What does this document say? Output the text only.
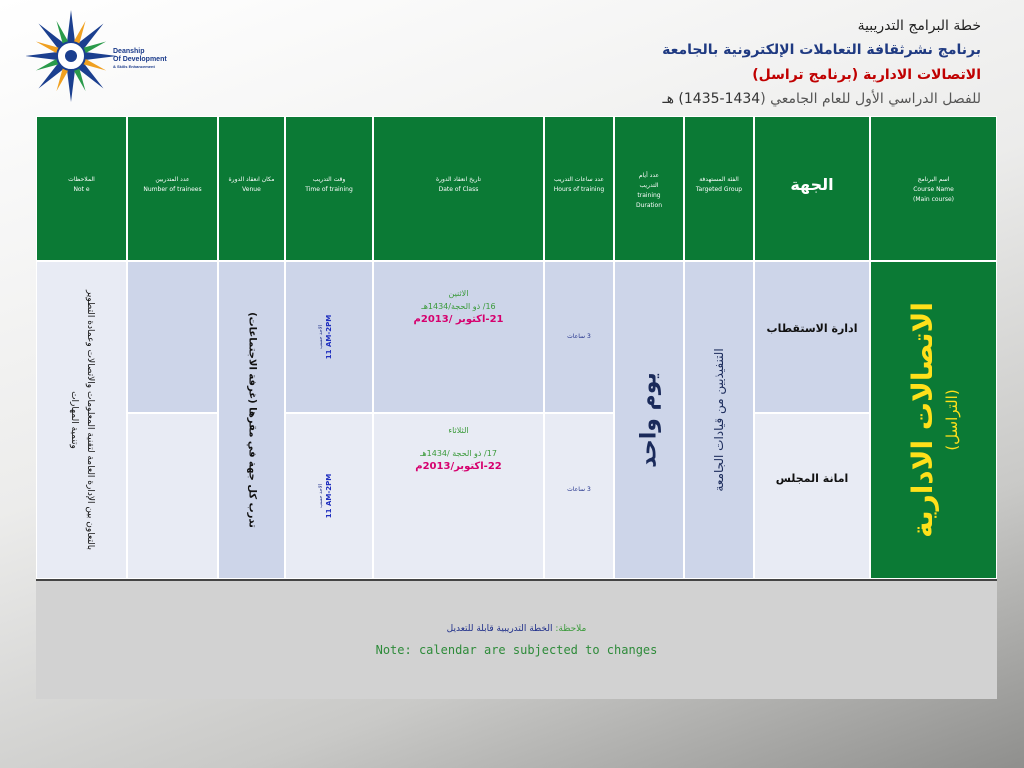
Deanship
Of Development
& Skills Enhancement
خطة البرامج التدريبية
برنامج نشرثقافة التعاملات الإلكترونية بالجامعة
الاتصالات الادارية (برنامج تراسل)
للفصل الدراسي الأول للعام الجامعي (1434-1435) هـ
اسم البرنامج
Course Name
(Main course)
الجهة
الفئة المستهدفة
Targeted Group
عدد أيام
التدريب
training
Duration
عدد ساعات التدريب
Hours of training
تاريخ انعقاد الدورة
Date of Class
وقت التدريب
Time of training
مكان انعقاد الدورة
Venue
عدد المتدربين
Number of trainees
الملاحظات
Not e
الاتصالات الادارية (التراسل)
ادارة الاستقطاب
امانة المجلس
التنفيذيين من قيادات الجامعة
يوم واحد
3 ساعات
3 ساعات
الاثنين
16/ ذو الحجة/1434هـ
21-اكتوبر /2013م
الثلاثاء
17/ ذو الحجة /1434هـ
22-اكتوبر/2013م
الاحد حسب 11 AM-2PM
الاحد حسب 11 AM-2PM
تدرب كل جهة في مقرها (غرفة الاجتماعات)
بالتعاون بين الإدارة العامة لتقنية المعلومات والاتصالات وعمادة التطوير
وتنمية المهارات
ملاحظة: الخطة التدريبية قابلة للتعديل
Note: calendar are subjected to changes
